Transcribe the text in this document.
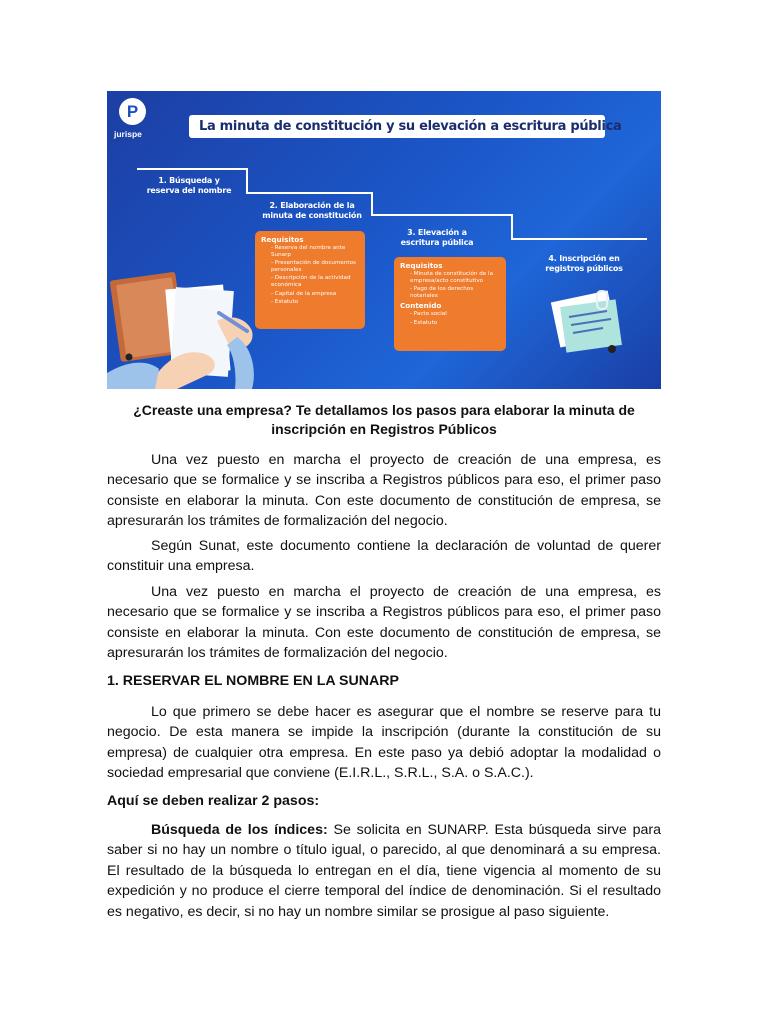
P
jurispe	La minuta de constitución y su elevación a escritura pública
1. Búsqueda y reserva del nombre
2. Elaboración de la minuta de constitución
3. Elevación a escritura pública
4. Inscripción en registros públicos
Requisitos
- Reserva del nombre ante Sunarp
- Presentación de documentos personales
- Descripción de la actividad económica
- Capital de la empresa
- Estatuto
Requisitos
- Minuta de constitución de la empresa/acto constitutivo
- Pago de los derechos notariales
Contenido
- Pacto social
- Estatuto
¿Creaste una empresa? Te detallamos los pasos para elaborar la minuta de
inscripción en Registros Públicos

Una vez puesto en marcha el proyecto de creación de una empresa, es necesario que se formalice y se inscriba a Registros públicos para eso, el primer paso consiste en elaborar la minuta. Con este documento de constitución de empresa, se apresurarán los trámites de formalización del negocio.

Según Sunat, este documento contiene la declaración de voluntad de querer constituir una empresa.

Una vez puesto en marcha el proyecto de creación de una empresa, es necesario que se formalice y se inscriba a Registros públicos para eso, el primer paso consiste en elaborar la minuta. Con este documento de constitución de empresa, se apresurarán los trámites de formalización del negocio.

1. RESERVAR EL NOMBRE EN LA SUNARP

Lo que primero se debe hacer es asegurar que el nombre se reserve para tu negocio. De esta manera se impide la inscripción (durante la constitución de su empresa) de cualquier otra empresa. En este paso ya debió adoptar la modalidad o sociedad empresarial que conviene (E.I.R.L., S.R.L., S.A. o S.A.C.).

Aquí se deben realizar 2 pasos:

Búsqueda de los índices: Se solicita en SUNARP. Esta búsqueda sirve para saber si no hay un nombre o título igual, o parecido, al que denominará a su empresa. El resultado de la búsqueda lo entregan en el día, tiene vigencia al momento de su expedición y no produce el cierre temporal del índice de denominación. Si el resultado es negativo, es decir, si no hay un nombre similar se prosigue al paso siguiente.
